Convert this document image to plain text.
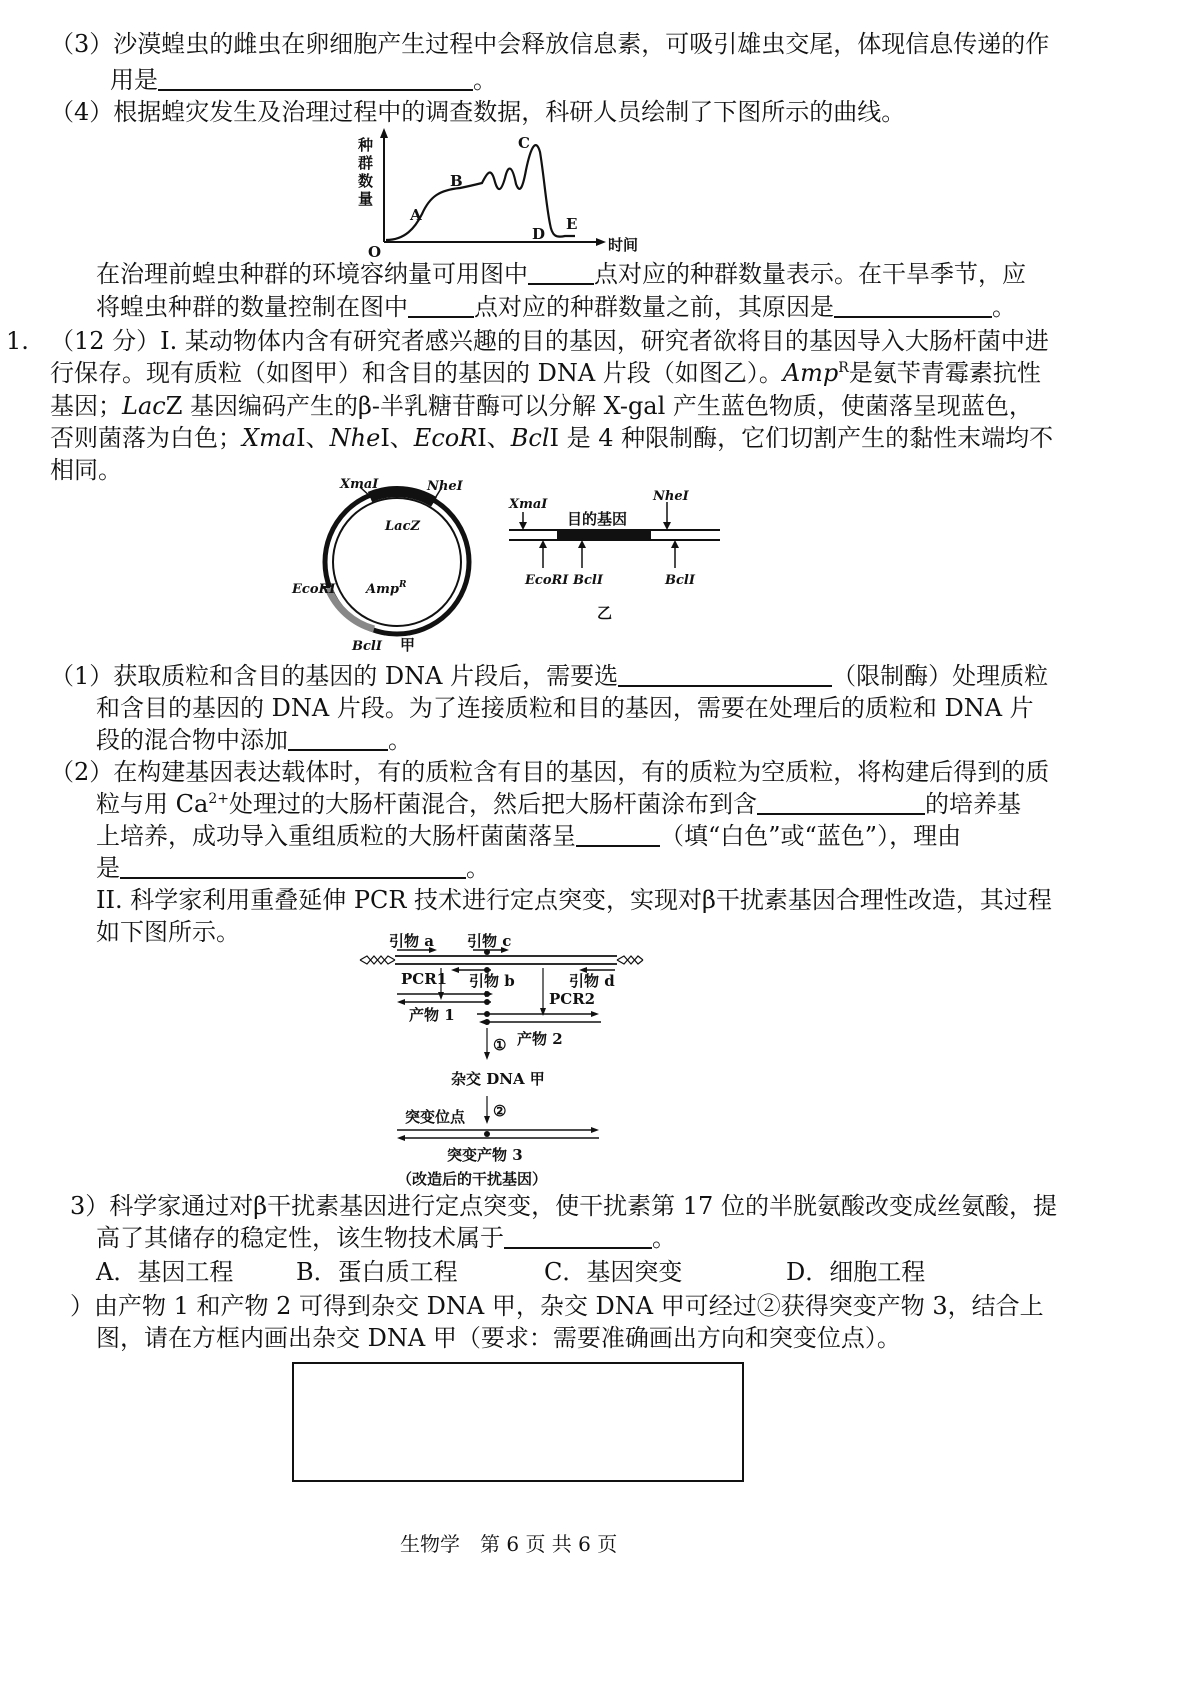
（3）沙漠蝗虫的雌虫在卵细胞产生过程中会释放信息素，可吸引雄虫交尾，体现信息传递的作
用是	。
（4）根据蝗灾发生及治理过程中的调查数据，科研人员绘制了下图所示的曲线。
种
群
数
量
O
A
B
C
D
E
时间
在治理前蝗虫种群的环境容纳量可用图中	点对应的种群数量表示。在干旱季节，应
将蝗虫种群的数量控制在图中	点对应的种群数量之前，其原因是	。
1. （12 分）I. 某动物体内含有研究者感兴趣的目的基因，研究者欲将目的基因导入大肠杆菌中进
行保存。现有质粒（如图甲）和含目的基因的 DNA 片段（如图乙）。Amp$^R$是氨苄青霉素抗性
基因；LacZ 基因编码产生的β-半乳糖苷酶可以分解 X-gal 产生蓝色物质，使菌落呈现蓝色，
否则菌落为白色；XmaI、NheI、EcoRI、BclI 是 4 种限制酶，它们切割产生的黏性末端均不
相同。
XmaI	NheI
LacZ
EcoRI Amp$^R$
BclI 甲
XmaI
目的基因
NheI
EcoRI BclI	BclI
乙
（1）获取质粒和含目的基因的 DNA 片段后，需要选	（限制酶）处理质粒
和含目的基因的 DNA 片段。为了连接质粒和目的基因，需要在处理后的质粒和 DNA 片
段的混合物中添加	。
（2）在构建基因表达载体时，有的质粒含有目的基因，有的质粒为空质粒，将构建后得到的质
粒与用 $Ca^{2+}$处理过的大肠杆菌混合，然后把大肠杆菌涂布到含	的培养基
上培养，成功导入重组质粒的大肠杆菌菌落呈	（填“白色”或“蓝色”），理由
是	。
II. 科学家利用重叠延伸 PCR 技术进行定点突变，实现对β干扰素基因合理性改造，其过程
如下图所示。	引物 a 引物 c
PCR1 引物 b	引物 d
PCR2
产物 1
产物 2
①
杂交 DNA 甲
突变位点 ②
突变产物 3
（改造后的干扰基因）
3）科学家通过对β干扰素基因进行定点突变，使干扰素第 17 位的半胱氨酸改变成丝氨酸，提
高了其储存的稳定性，该生物技术属于	。
A．基因工程	B．蛋白质工程	C．基因突变	D．细胞工程
）由产物 1 和产物 2 可得到杂交 DNA 甲，杂交 DNA 甲可经过②获得突变产物 3，结合上
图，请在方框内画出杂交 DNA 甲（要求：需要准确画出方向和突变位点）。
生物学　第 6 页 共 6 页
